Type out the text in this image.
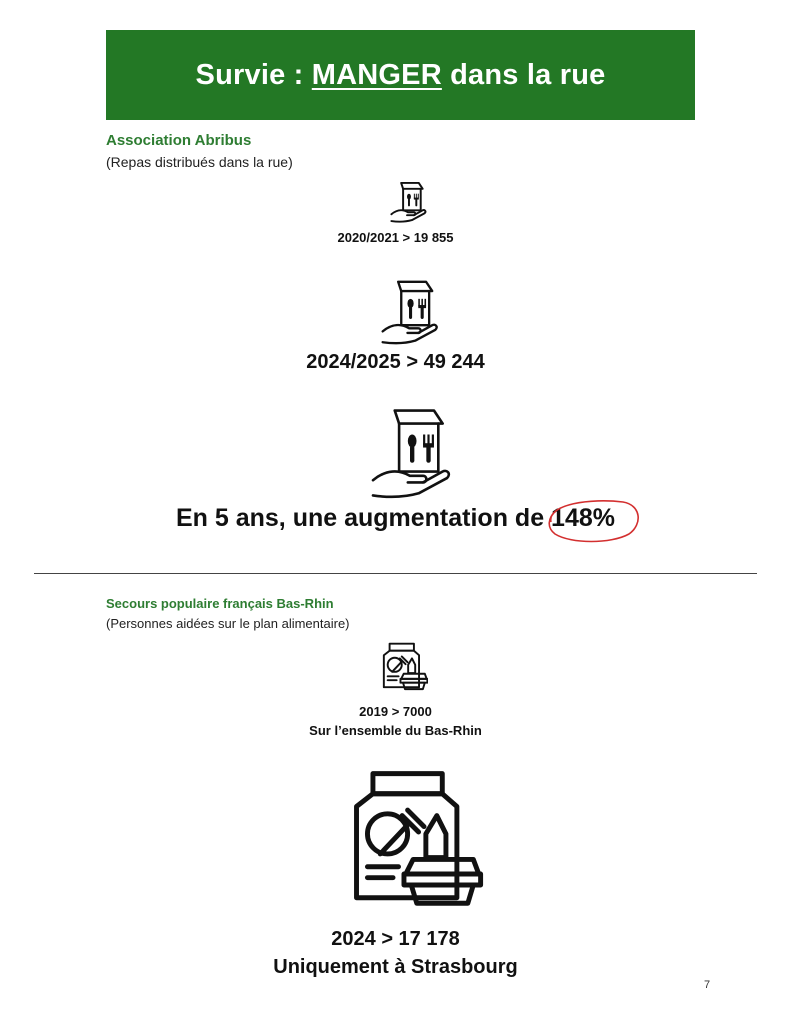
Survie : MANGER dans la rue
Association Abribus
(Repas distribués dans la rue)
2020/2021 > 19 855
2024/2025 > 49 244
En 5 ans, une augmentation de 148%
Secours populaire français Bas-Rhin
(Personnes aidées sur le plan alimentaire)
2019 > 7000
Sur l’ensemble du Bas-Rhin
2024 > 17 178
Uniquement à Strasbourg
7
